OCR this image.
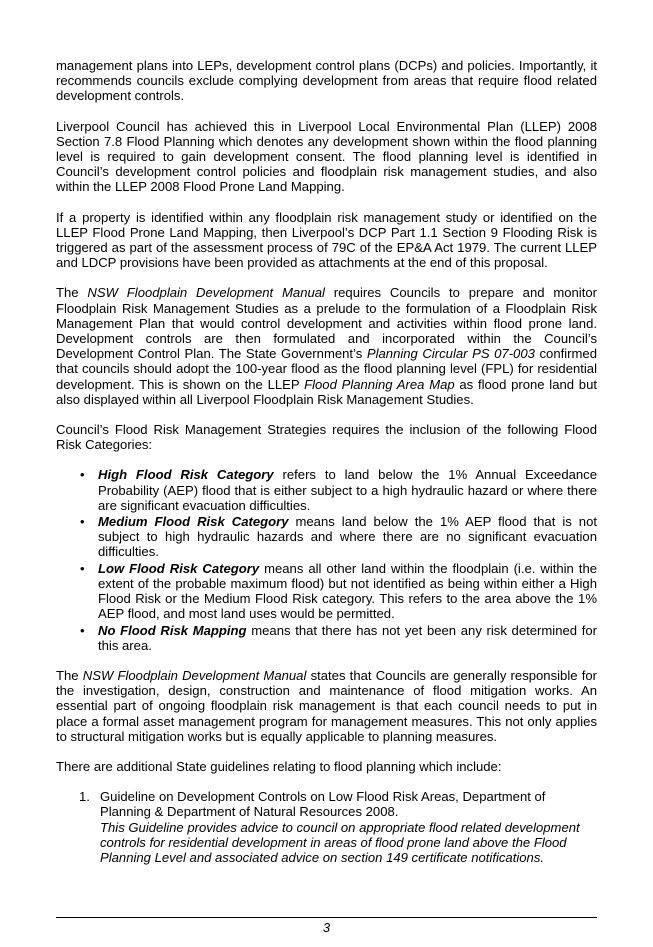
management plans into LEPs, development control plans (DCPs) and policies. Importantly, it recommends councils exclude complying development from areas that require flood related development controls.

Liverpool Council has achieved this in Liverpool Local Environmental Plan (LLEP) 2008 Section 7.8 Flood Planning which denotes any development shown within the flood planning level is required to gain development consent. The flood planning level is identified in Council’s development control policies and floodplain risk management studies, and also within the LLEP 2008 Flood Prone Land Mapping.

If a property is identified within any floodplain risk management study or identified on the LLEP Flood Prone Land Mapping, then Liverpool’s DCP Part 1.1 Section 9 Flooding Risk is triggered as part of the assessment process of 79C of the EP&A Act 1979. The current LLEP and LDCP provisions have been provided as attachments at the end of this proposal.

The NSW Floodplain Development Manual requires Councils to prepare and monitor Floodplain Risk Management Studies as a prelude to the formulation of a Floodplain Risk Management Plan that would control development and activities within flood prone land. Development controls are then formulated and incorporated within the Council’s Development Control Plan. The State Government’s Planning Circular PS 07-003 confirmed that councils should adopt the 100-year flood as the flood planning level (FPL) for residential development. This is shown on the LLEP Flood Planning Area Map as flood prone land but also displayed within all Liverpool Floodplain Risk Management Studies.

Council’s Flood Risk Management Strategies requires the inclusion of the following Flood Risk Categories:

• High Flood Risk Category refers to land below the 1% Annual Exceedance Probability (AEP) flood that is either subject to a high hydraulic hazard or where there are significant evacuation difficulties.
• Medium Flood Risk Category means land below the 1% AEP flood that is not subject to high hydraulic hazards and where there are no significant evacuation difficulties.
• Low Flood Risk Category means all other land within the floodplain (i.e. within the extent of the probable maximum flood) but not identified as being within either a High Flood Risk or the Medium Flood Risk category. This refers to the area above the 1% AEP flood, and most land uses would be permitted.
• No Flood Risk Mapping means that there has not yet been any risk determined for this area.

The NSW Floodplain Development Manual states that Councils are generally responsible for the investigation, design, construction and maintenance of flood mitigation works. An essential part of ongoing floodplain risk management is that each council needs to put in place a formal asset management program for management measures. This not only applies to structural mitigation works but is equally applicable to planning measures.

There are additional State guidelines relating to flood planning which include:

1. Guideline on Development Controls on Low Flood Risk Areas, Department of Planning & Department of Natural Resources 2008.
This Guideline provides advice to council on appropriate flood related development controls for residential development in areas of flood prone land above the Flood Planning Level and associated advice on section 149 certificate notifications.
3
